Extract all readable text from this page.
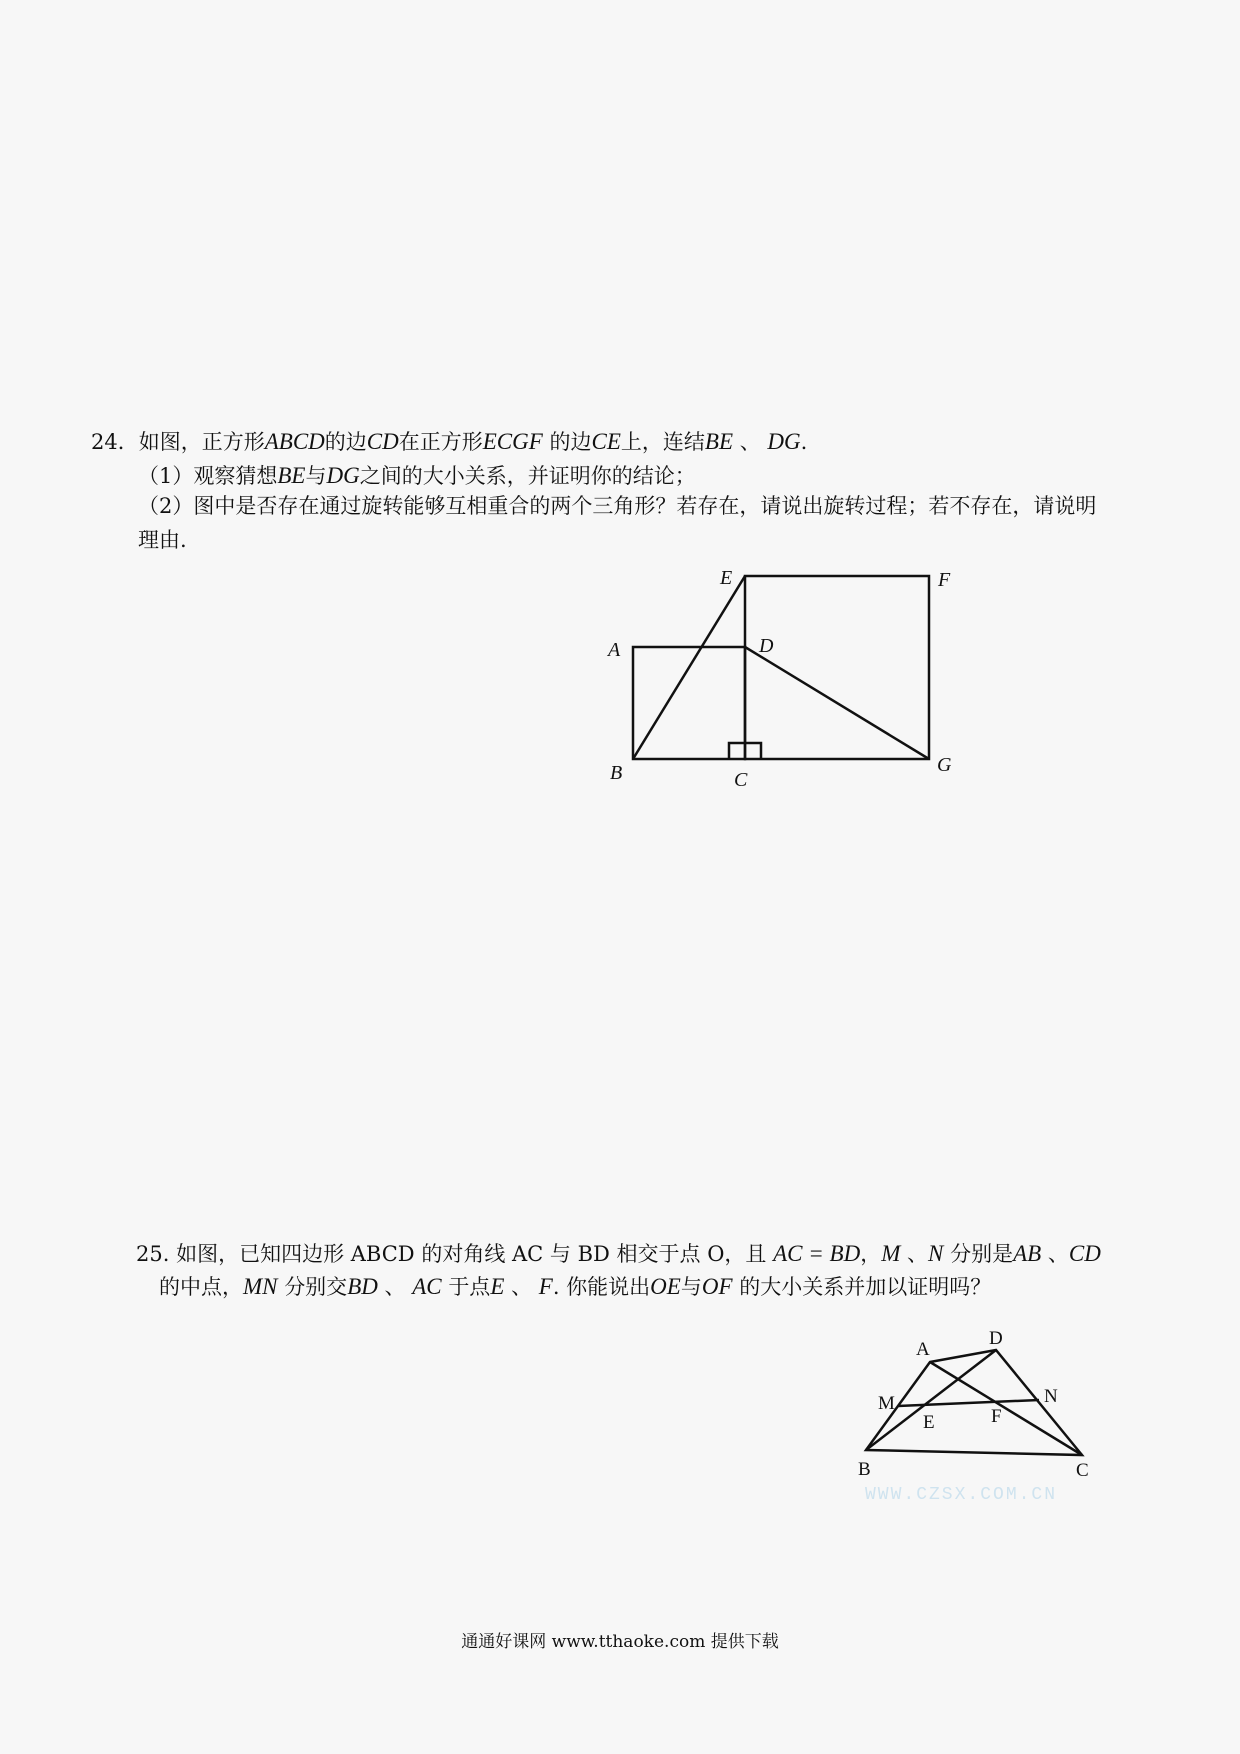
24．如图，正方形ABCD的边CD在正方形ECGF 的边CE上，连结BE 、 DG.
（1）观察猜想BE与DG之间的大小关系，并证明你的结论；
（2）图中是否存在通过旋转能够互相重合的两个三角形？若存在，请说出旋转过程；若不存在，请说明
理由.
E	F
A	D
B	C
G
25. 如图，已知四边形 ABCD 的对角线 AC 与 BD 相交于点 O，且 AC = BD，M 、N 分别是AB 、CD
的中点，MN 分别交BD 、 AC 于点E 、 F. 你能说出OE与OF 的大小关系并加以证明吗？
A
D
M	N
E	F
B	C
WWW.CZSX.COM.CN
通通好课网 www.tthaoke.com 提供下载
